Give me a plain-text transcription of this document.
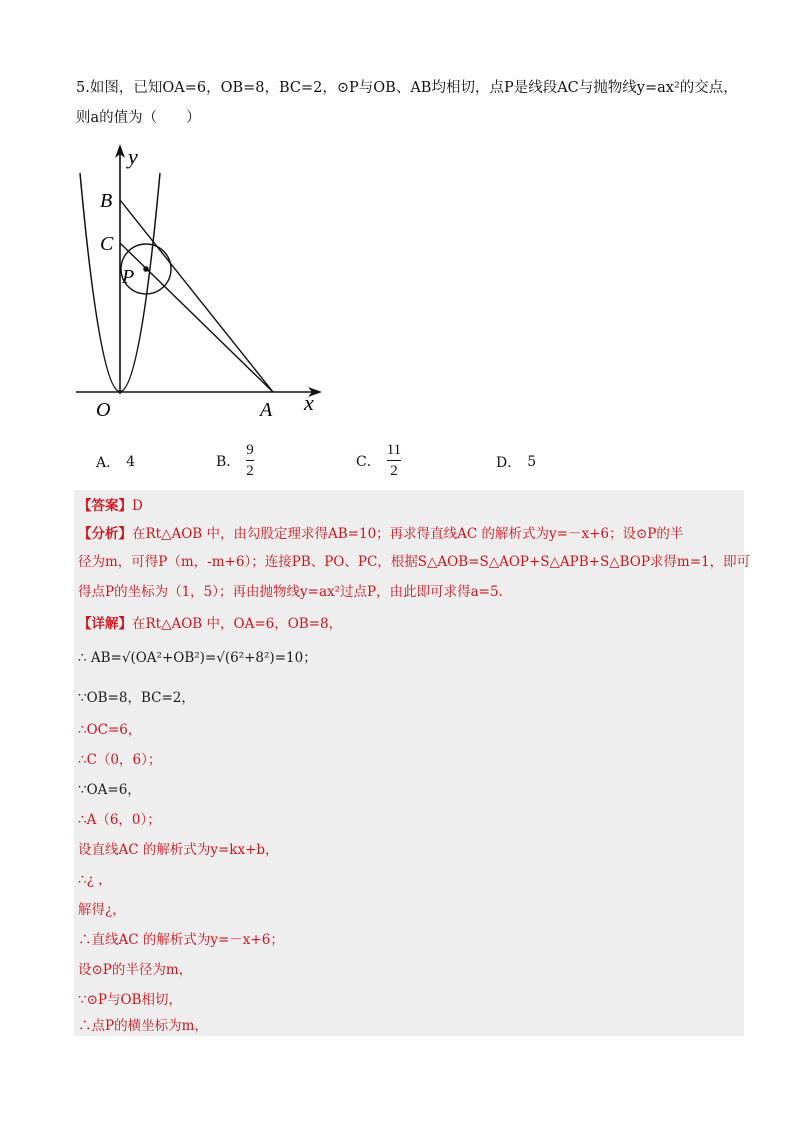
5.如图，已知OA=6，OB=8，BC=2，⊙P与OB、AB均相切，点P是线段AC与抛物线y=ax²的交点，
则a的值为（　　）
y
B
C
P
O	A x
A． 4	B． $\frac{9}{2}$	C． $\frac{11}{2}$	D． 5
【答案】D
【分析】在Rt△AOB 中，由勾股定理求得AB=10；再求得直线AC 的解析式为y=－x+6；设⊙P的半
径为m，可得P（m，-m+6）；连接PB、PO、PC，根据S△AOB=S△AOP+S△APB+S△BOP求得m=1，即可
得点P的坐标为（1，5）；再由抛物线y=ax²过点P，由此即可求得a=5.
【详解】在Rt△AOB 中，OA=6，OB=8，
∴ AB=√(OA²+OB²)=√(6²+8²)=10；
∵OB=8，BC=2，
∴OC=6，
∴C（0，6）；
∵OA=6，
∴A（6，0）；
设直线AC 的解析式为y=kx+b，
∴¿ ，
解得¿，
∴直线AC 的解析式为y=－x+6；
设⊙P的半径为m，
∵⊙P与OB相切，
∴点P的横坐标为m，
